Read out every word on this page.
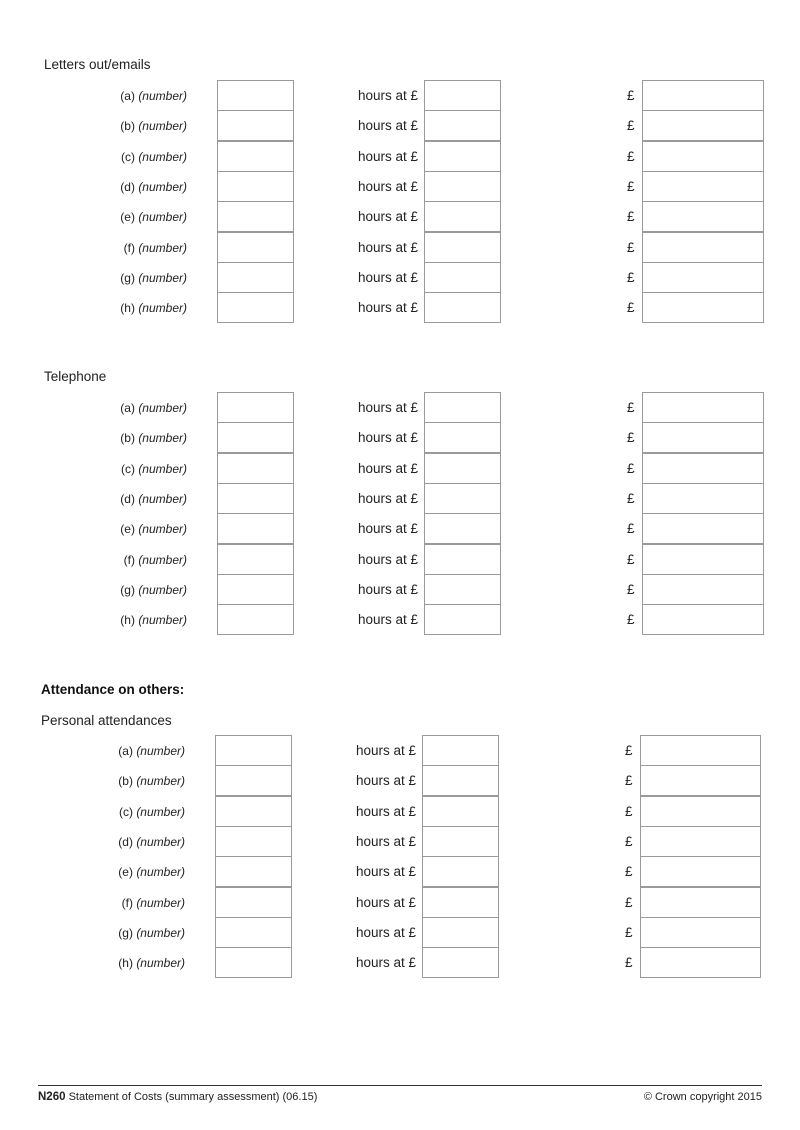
Letters out/emails
(a) (number)	hours at £	£
(b) (number)	hours at £	£
(c) (number)	hours at £	£
(d) (number)	hours at £	£
(e) (number)	hours at £	£
(f) (number)	hours at £	£
(g) (number)	hours at £	£
(h) (number)	hours at £	£
Telephone
(a) (number)	hours at £	£
(b) (number)	hours at £	£
(c) (number)	hours at £	£
(d) (number)	hours at £	£
(e) (number)	hours at £	£
(f) (number)	hours at £	£
(g) (number)	hours at £	£
(h) (number)	hours at £	£
Attendance on others:
Personal attendances
(a) (number)	hours at £	£
(b) (number)	hours at £	£
(c) (number)	hours at £	£
(d) (number)	hours at £	£
(e) (number)	hours at £	£
(f) (number)	hours at £	£
(g) (number)	hours at £	£
(h) (number)	hours at £	£
N260 Statement of Costs (summary assessment) (06.15)	© Crown copyright 2015
